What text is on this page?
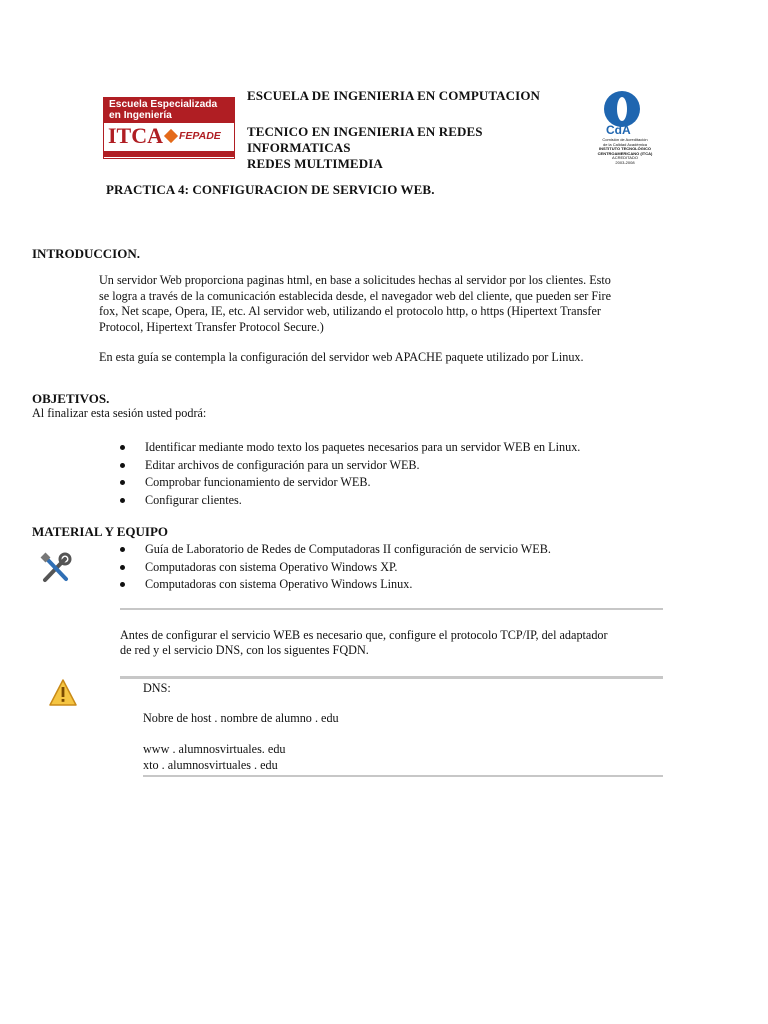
Escuela Especializada
en Ingeniería
ITCA FEPADE
ESCUELA DE INGENIERIA EN COMPUTACION
TECNICO EN INGENIERIA EN REDES
INFORMATICAS
REDES MULTIMEDIA
PRACTICA 4: CONFIGURACION DE SERVICIO WEB.
CdA
Comisión de Acreditación
de la Calidad Académica
INSTITUTO TECNOLÓGICO
CENTROAMERICANO (ITCA)
ACREDITADO
2003-2008
INTRODUCCION.
Un servidor Web proporciona paginas html, en base a solicitudes hechas al servidor por los clientes. Esto
se logra a través de la comunicación establecida desde, el navegador web del cliente, que pueden ser Fire
fox, Net scape, Opera, IE, etc. Al servidor web, utilizando el protocolo http, o https (Hipertext Transfer
Protocol, Hipertext Transfer Protocol Secure.)
En esta guía se contempla la configuración del servidor web APACHE paquete utilizado por Linux.
OBJETIVOS.
Al finalizar esta sesión usted podrá:
Identificar mediante modo texto los paquetes necesarios para un servidor WEB en Linux.
Editar archivos de configuración para un servidor WEB.
Comprobar funcionamiento de servidor WEB.
Configurar clientes.
MATERIAL Y EQUIPO
Guía de Laboratorio de Redes de Computadoras II configuración de servicio WEB.
Computadoras con sistema Operativo Windows XP.
Computadoras con sistema Operativo Windows Linux.
Antes de configurar el servicio WEB es necesario que, configure el protocolo TCP/IP, del adaptador
de red y el servicio DNS, con los siguentes FQDN.
DNS:
Nobre de host . nombre de alumno . edu
www . alumnosvirtuales. edu
xto . alumnosvirtuales . edu
